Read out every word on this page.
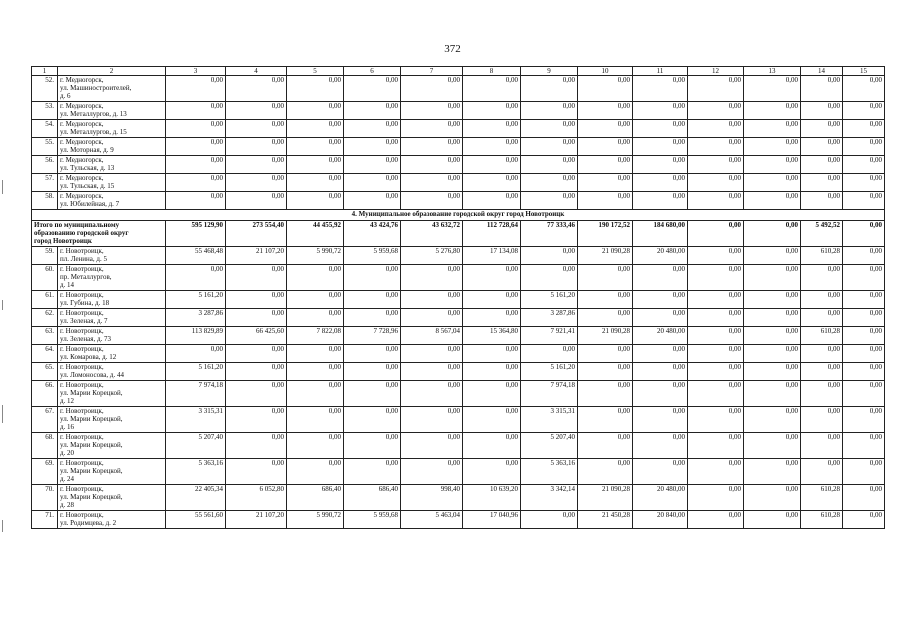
372
1	2	3	4	5	6	7	8	9	10	11	12	13	14	15
52.	г. Медногорск,
ул. Машиностроителей,
д. 6	0,00	0,00	0,00	0,00	0,00	0,00	0,00	0,00	0,00	0,00	0,00	0,00	0,00
53.	г. Медногорск,
ул. Металлургов, д. 13	0,00	0,00	0,00	0,00	0,00	0,00	0,00	0,00	0,00	0,00	0,00	0,00	0,00
54.	г. Медногорск,
ул. Металлургов, д. 15	0,00	0,00	0,00	0,00	0,00	0,00	0,00	0,00	0,00	0,00	0,00	0,00	0,00
55.	г. Медногорск,
ул. Моторная, д. 9	0,00	0,00	0,00	0,00	0,00	0,00	0,00	0,00	0,00	0,00	0,00	0,00	0,00
56.	г. Медногорск,
ул. Тульская, д. 13	0,00	0,00	0,00	0,00	0,00	0,00	0,00	0,00	0,00	0,00	0,00	0,00	0,00
57.	г. Медногорск,
ул. Тульская, д. 15	0,00	0,00	0,00	0,00	0,00	0,00	0,00	0,00	0,00	0,00	0,00	0,00	0,00
58.	г. Медногорск,
ул. Юбилейная, д. 7	0,00	0,00	0,00	0,00	0,00	0,00	0,00	0,00	0,00	0,00	0,00	0,00	0,00
4. Муниципальное образование городской округ город Новотроицк														
Итого по муниципальному
образованию городской округ
город Новотроицк		595 129,90	273 554,40	44 455,92	43 424,76	43 632,72	112 728,64	77 333,46	190 172,52	184 680,00	0,00	0,00	5 492,52	0,00
59.	г. Новотроицк,
пл. Ленина, д. 5	55 468,48	21 107,20	5 990,72	5 959,68	5 276,80	17 134,08	0,00	21 090,28	20 480,00	0,00	0,00	610,28	0,00
60.	г. Новотроицк,
пр. Металлургов,
д. 14	0,00	0,00	0,00	0,00	0,00	0,00	0,00	0,00	0,00	0,00	0,00	0,00	0,00
61.	г. Новотроицк,
ул. Губина, д. 18	5 161,20	0,00	0,00	0,00	0,00	0,00	5 161,20	0,00	0,00	0,00	0,00	0,00	0,00
62.	г. Новотроицк,
ул. Зеленая, д. 7	3 287,86	0,00	0,00	0,00	0,00	0,00	3 287,86	0,00	0,00	0,00	0,00	0,00	0,00
63.	г. Новотроицк,
ул. Зеленая, д. 73	113 829,89	66 425,60	7 822,08	7 728,96	8 567,04	15 364,80	7 921,41	21 090,28	20 480,00	0,00	0,00	610,28	0,00
64.	г. Новотроицк,
ул. Комарова, д. 12	0,00	0,00	0,00	0,00	0,00	0,00	0,00	0,00	0,00	0,00	0,00	0,00	0,00
65.	г. Новотроицк,
ул. Ломоносова, д. 44	5 161,20	0,00	0,00	0,00	0,00	0,00	5 161,20	0,00	0,00	0,00	0,00	0,00	0,00
66.	г. Новотроицк,
ул. Марии Корецкой,
д. 12	7 974,18	0,00	0,00	0,00	0,00	0,00	7 974,18	0,00	0,00	0,00	0,00	0,00	0,00
67.	г. Новотроицк,
ул. Марии Корецкой,
д. 16	3 315,31	0,00	0,00	0,00	0,00	0,00	3 315,31	0,00	0,00	0,00	0,00	0,00	0,00
68.	г. Новотроицк,
ул. Марии Корецкой,
д. 20	5 207,40	0,00	0,00	0,00	0,00	0,00	5 207,40	0,00	0,00	0,00	0,00	0,00	0,00
69.	г. Новотроицк,
ул. Марии Корецкой,
д. 24	5 363,16	0,00	0,00	0,00	0,00	0,00	5 363,16	0,00	0,00	0,00	0,00	0,00	0,00
70.	г. Новотроицк,
ул. Марии Корецкой,
д. 28	22 405,34	6 052,80	686,40	686,40	998,40	10 639,20	3 342,14	21 090,28	20 480,00	0,00	0,00	610,28	0,00
71.	г. Новотроицк,
ул. Родимцева, д. 2	55 561,60	21 107,20	5 990,72	5 959,68	5 463,04	17 040,96	0,00	21 450,28	20 840,00	0,00	0,00	610,28	0,00
